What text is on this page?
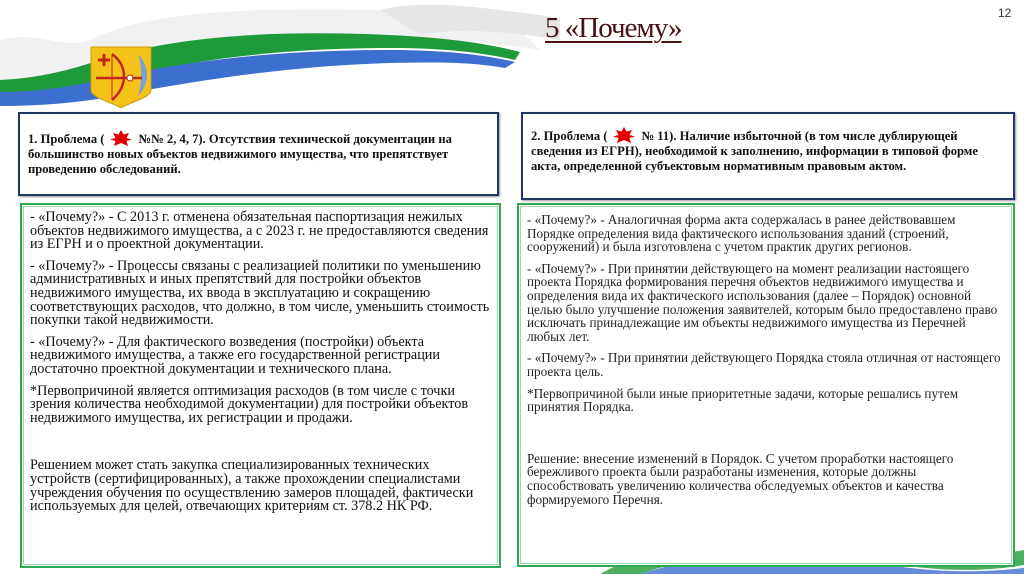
5 «Почему»	12
1. Проблема (	№№ 2, 4, 7). Отсутствия технической документации на большинство новых объектов недвижимого имущества, что препятствует проведению обследований.
2. Проблема (	№ 11). Наличие избыточной (в том числе дублирующей сведения из ЕГРН), необходимой к заполнению, информации в типовой форме акта, определенной субъектовым нормативным правовым актом.

- «Почему?» - С 2013 г. отменена обязательная паспортизация нежилых объектов недвижимого имущества, а с 2023 г. не предоставляются сведения из ЕГРН и о проектной документации.

- «Почему?» - Процессы связаны с реализацией политики по уменьшению административных и иных препятствий для постройки объектов недвижимого имущества, их ввода в эксплуатацию и сокращению соответствующих расходов, что должно, в том числе, уменьшить стоимость покупки такой недвижимости.

- «Почему?» - Для фактического возведения (постройки) объекта недвижимого имущества, а также его государственной регистрации достаточно проектной документации и технического плана.

*Первопричиной является оптимизация расходов (в том числе с точки зрения количества необходимой документации) для постройки объектов недвижимого имущества, их регистрации и продажи.

Решением может стать закупка специализированных технических устройств (сертифицированных), а также прохождении специалистами учреждения обучения по осуществлению замеров площадей, фактически используемых для целей, отвечающих критериям ст. 378.2 НК РФ.

- «Почему?» - Аналогичная форма акта содержалась в ранее действовавшем Порядке определения вида фактического использования зданий (строений, сооружений) и была изготовлена с учетом практик других регионов.

- «Почему?» - При принятии действующего на момент реализации настоящего проекта Порядка формирования перечня объектов недвижимого имущества и определения вида их фактического использования (далее – Порядок) основной целью было улучшение положения заявителей, которым было предоставлено право исключать принадлежащие им объекты недвижимого имущества из Перечней любых лет.

- «Почему?» - При принятии действующего Порядка стояла отличная от настоящего проекта цель.

*Первопричиной были иные приоритетные задачи, которые решались путем принятия Порядка.

Решение: внесение изменений в Порядок. С учетом проработки настоящего бережливого проекта были разработаны изменения, которые должны способствовать увеличению количества обследуемых объектов и качества формируемого Перечня.
